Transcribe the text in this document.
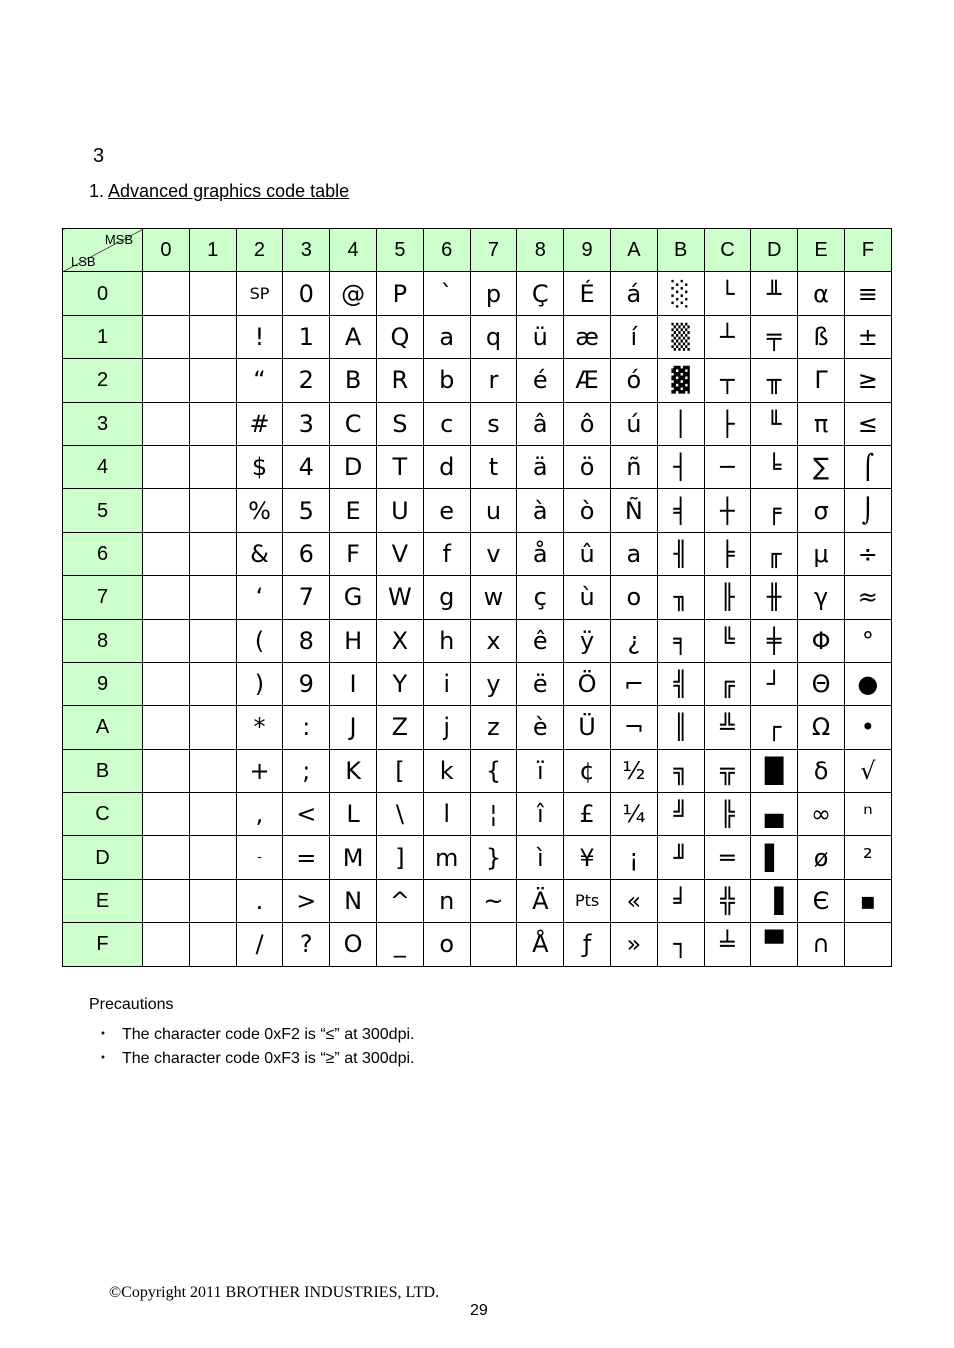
3
1. Advanced graphics code table
MSB
LSB	0	1	2	3	4	5	6	7	8	9	A	B	C	D	E	F
0			SP	0	@	P	`	p	Ç	É	á	░	└	╨	α	≡
1			!	1	A	Q	a	q	ü	æ	í	▒	┴	╤	ß	±
2			“	2	B	R	b	r	é	Æ	ó	▓	┬	╥	Γ	≥
3			#	3	C	S	c	s	â	ô	ú	│	├	╙	π	≤
4			$	4	D	T	d	t	ä	ö	ñ	┤	─	╘	∑	⌠
5			%	5	E	U	e	u	à	ò	Ñ	╡	┼	╒	σ	⌡
6			&	6	F	V	f	v	å	û	a	╢	╞	╓	μ	÷
7			‘	7	G	W	g	w	ç	ù	o	╖	╟	╫	γ	≈
8			(	8	H	X	h	x	ê	ÿ	¿	╕	╚	╪	Φ	°
9			)	9	I	Y	i	y	ë	Ö	⌐	╣	╔	┘	Θ	●
A			*	:	J	Z	j	z	è	Ü	¬	║	╩	┌	Ω	•
B			+	;	K	[	k	{	ï	¢	½	╗	╦	█	δ	√
C			,	<	L	\	l	¦	î	£	¼	╝	╠	▄	∞	ⁿ
D			-	=	M	]	m	}	ì	¥	¡	╜	═	▌	ø	²
E			.	>	N	^	n	~	Ä	Pts	«	╛	╬	▐	Є	▪
F			/	?	O	_	o		Å	ƒ	»	┐	╧	▀	∩	
Precautions
・ The character code 0xF2 is “≤” at 300dpi.
・ The character code 0xF3 is “≥” at 300dpi.
©Copyright 2011 BROTHER INDUSTRIES, LTD.
29
